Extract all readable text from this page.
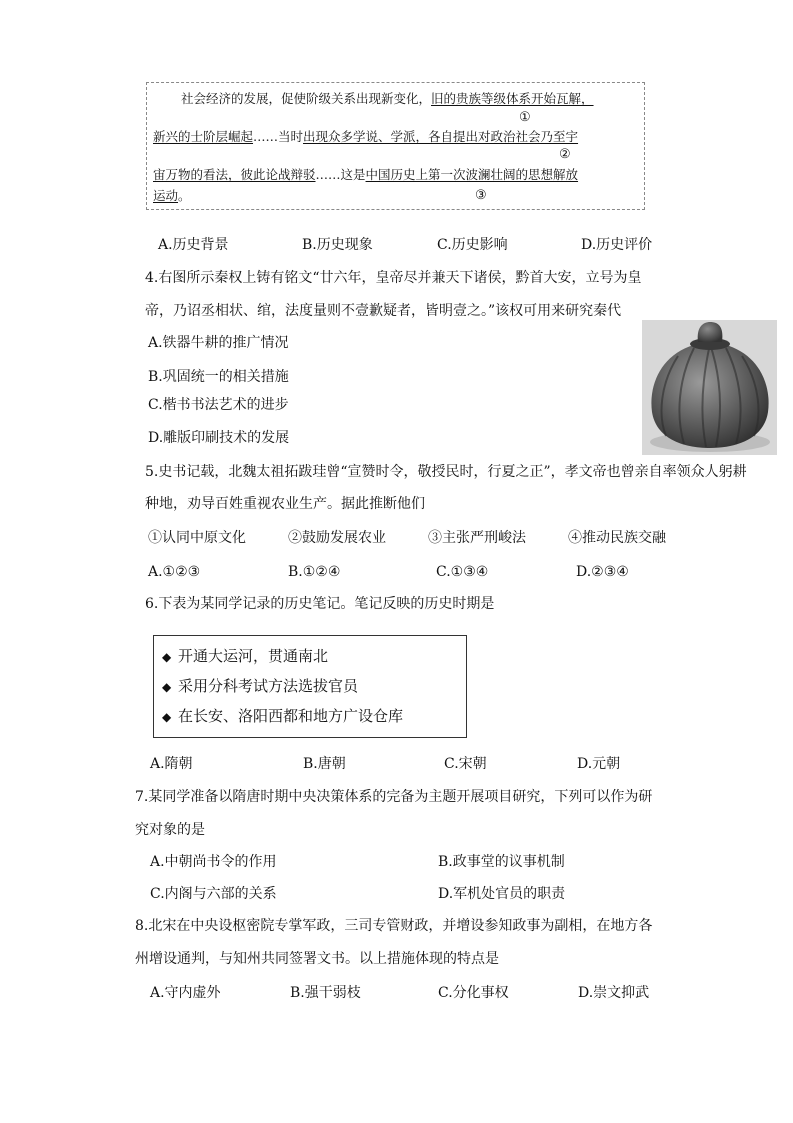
社会经济的发展，促使阶级关系出现新变化，旧的贵族等级体系开始瓦解，
①
新兴的士阶层崛起……当时出现众多学说、学派，各自提出对政治社会乃至宇
②
宙万物的看法，彼此论战辩驳……这是中国历史上第一次波澜壮阔的思想解放
运动。	③
A.历史背景	B.历史现象	C.历史影响	D.历史评价
4.右图所示秦权上铸有铭文“廿六年，皇帝尽并兼天下诸侯，黔首大安，立号为皇
帝，乃诏丞相状、绾，法度量则不壹歉疑者，皆明壹之。”该权可用来研究秦代
A.铁器牛耕的推广情况
B.巩固统一的相关措施
C.楷书书法艺术的进步
D.雕版印刷技术的发展
5.史书记载，北魏太祖拓跋珪曾“宣赞时令，敬授民时，行夏之正”，孝文帝也曾亲自率领众人躬耕
种地，劝导百姓重视农业生产。据此推断他们
①认同中原文化	②鼓励发展农业	③主张严刑峻法	④推动民族交融
A.①②③	B.①②④	C.①③④	D.②③④
6.下表为某同学记录的历史笔记。笔记反映的历史时期是
◆ 开通大运河，贯通南北
◆ 采用分科考试方法选拔官员
◆ 在长安、洛阳西都和地方广设仓库
A.隋朝	B.唐朝	C.宋朝	D.元朝
7.某同学准备以隋唐时期中央决策体系的完备为主题开展项目研究，下列可以作为研
究对象的是
A.中朝尚书令的作用	B.政事堂的议事机制
C.内阁与六部的关系	D.军机处官员的职责
8.北宋在中央设枢密院专掌军政，三司专管财政，并增设参知政事为副相，在地方各
州增设通判，与知州共同签署文书。以上措施体现的特点是
A.守内虚外	B.强干弱枝	C.分化事权	D.崇文抑武
